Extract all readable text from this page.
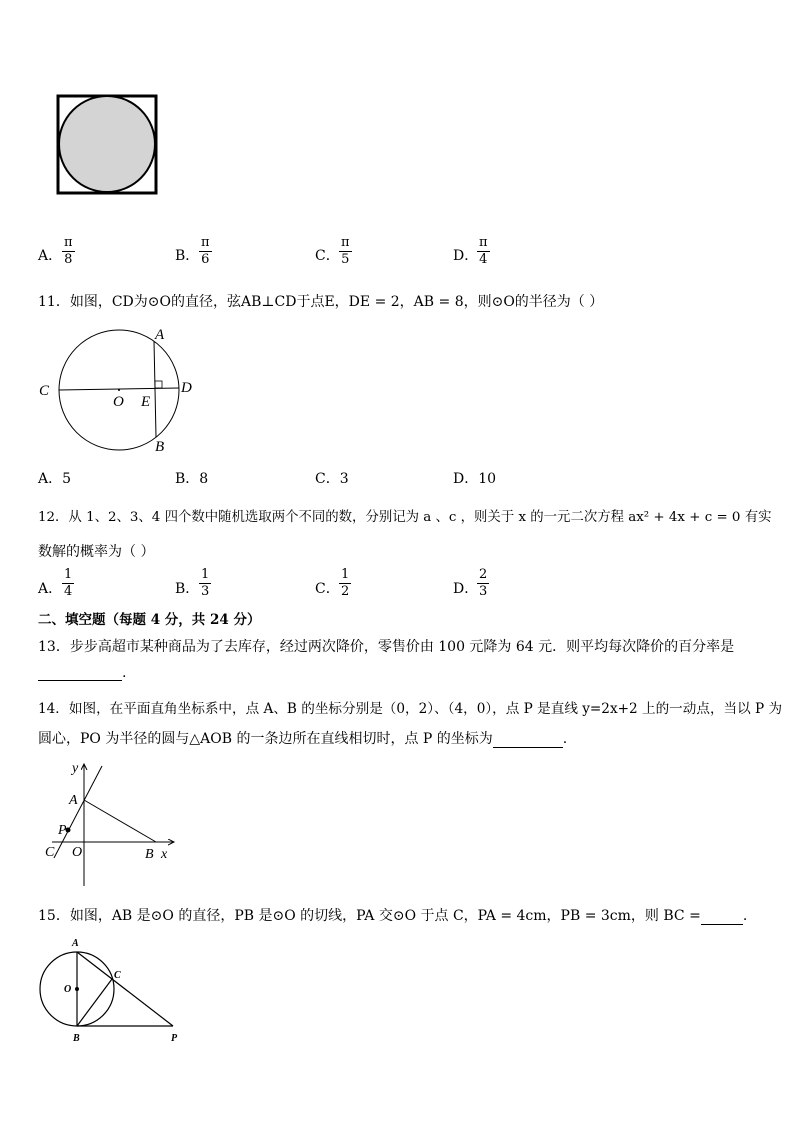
A． $\frac{\pi}{8}$	B． $\frac{\pi}{6}$	C． $\frac{\pi}{5}$	D．
$\frac{\pi}{4}$
11．如图，CD为⊙O的直径，弦AB⊥CD于点E，DE = 2，AB = 8，则⊙O的半径为（ ）
A
B
C	D
O E
A．5	B．8	C．3	D．10
12．从 1、2、3、4 四个数中随机选取两个不同的数，分别记为 a 、c ，则关于 x 的一元二次方程 ax² + 4x + c = 0 有实
数解的概率为（ ）
A． $\frac{1}{4}$	B． $\frac{1}{3}$	C． $\frac{1}{2}$	D．
$\frac{2}{3}$
二、填空题（每题 4 分，共 24 分）
13．步步高超市某种商品为了去库存，经过两次降价，零售价由 100 元降为 64 元．则平均每次降价的百分率是
.
14．如图，在平面直角坐标系中，点 A、B 的坐标分别是（0，2）、（4，0），点 P 是直线 y=2x+2 上的一动点，当以 P 为
圆心，PO 为半径的圆与△AOB 的一条边所在直线相切时，点 P 的坐标为	.
y
x
A
P
C O	B
15．如图，AB 是⊙O 的直径，PB 是⊙O 的切线，PA 交⊙O 于点 C，PA = 4cm，PB = 3cm，则 BC =	.
A
O
C
B	P
